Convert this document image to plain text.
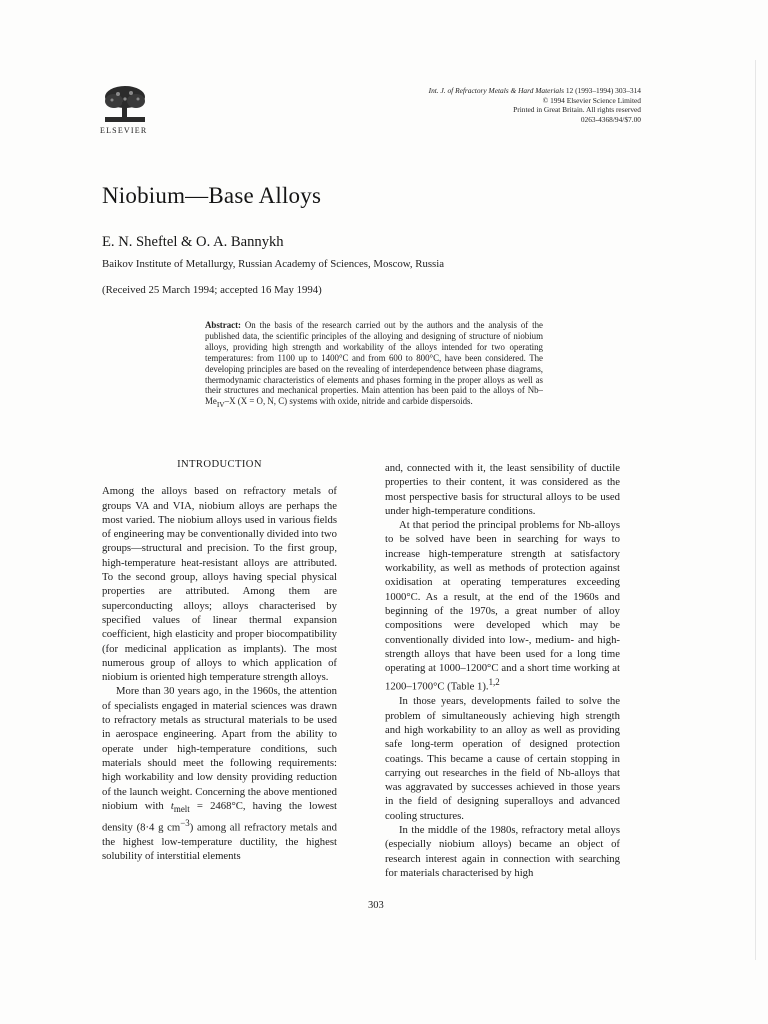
ELSEVIER
Int. J. of Refractory Metals & Hard Materials 12 (1993–1994) 303–314
© 1994 Elsevier Science Limited
Printed in Great Britain. All rights reserved
0263-4368/94/$7.00
Niobium—Base Alloys
E. N. Sheftel & O. A. Bannykh
Baikov Institute of Metallurgy, Russian Academy of Sciences, Moscow, Russia
(Received 25 March 1994; accepted 16 May 1994)
Abstract: On the basis of the research carried out by the authors and the analysis of the published data, the scientific principles of the alloying and designing of structure of niobium alloys, providing high strength and workability of the alloys intended for two operating temperatures: from 1100 up to 1400°C and from 600 to 800°C, have been considered. The developing principles are based on the revealing of interdependence between phase diagrams, thermodynamic characteristics of elements and phases forming in the proper alloys as well as their structures and mechanical properties. Main attention has been paid to the alloys of $Nb-Me_{IV}-X$ (X = O, N, C) systems with oxide, nitride and carbide dispersoids.
INTRODUCTION

Among the alloys based on refractory metals of groups VA and VIA, niobium alloys are perhaps the most varied. The niobium alloys used in various fields of engineering may be conventionally divided into two groups—structural and precision. To the first group, high-temperature heat-resistant alloys are attributed. To the second group, alloys having special physical properties are attributed. Among them are superconducting alloys; alloys characterised by specified values of linear thermal expansion coefficient, high elasticity and proper biocompatibility (for medicinal application as implants). The most numerous group of alloys to which application of niobium is oriented high temperature strength alloys.

More than 30 years ago, in the 1960s, the attention of specialists engaged in material sciences was drawn to refractory metals as structural materials to be used in aerospace engineering. Apart from the ability to operate under high-temperature conditions, such materials should meet the following requirements: high workability and low density providing reduction of the launch weight. Concerning the above mentioned niobium with $t_{melt} = 2468^\circ C$, having the lowest density (8·4 g $cm^{-3}$) among all refractory metals and the highest low-temperature ductility, the highest solubility of interstitial elements

and, connected with it, the least sensibility of ductile properties to their content, it was considered as the most perspective basis for structural alloys to be used under high-temperature conditions.

At that period the principal problems for Nb-alloys to be solved have been in searching for ways to increase high-temperature strength at satisfactory workability, as well as methods of protection against oxidisation at operating temperatures exceeding 1000°C. As a result, at the end of the 1960s and beginning of the 1970s, a great number of alloy compositions were developed which may be conventionally divided into low-, medium- and high-strength alloys that have been used for a long time operating at 1000–1200°C and a short time working at 1200–1700°C (Table 1).$^{1,2}$

In those years, developments failed to solve the problem of simultaneously achieving high strength and high workability to an alloy as well as providing safe long-term operation of designed protection coatings. This became a cause of certain stopping in carrying out researches in the field of Nb-alloys that was aggravated by successes achieved in those years in the field of designing superalloys and advanced cooling structures.

In the middle of the 1980s, refractory metal alloys (especially niobium alloys) became an object of research interest again in connection with searching for materials characterised by high

303
